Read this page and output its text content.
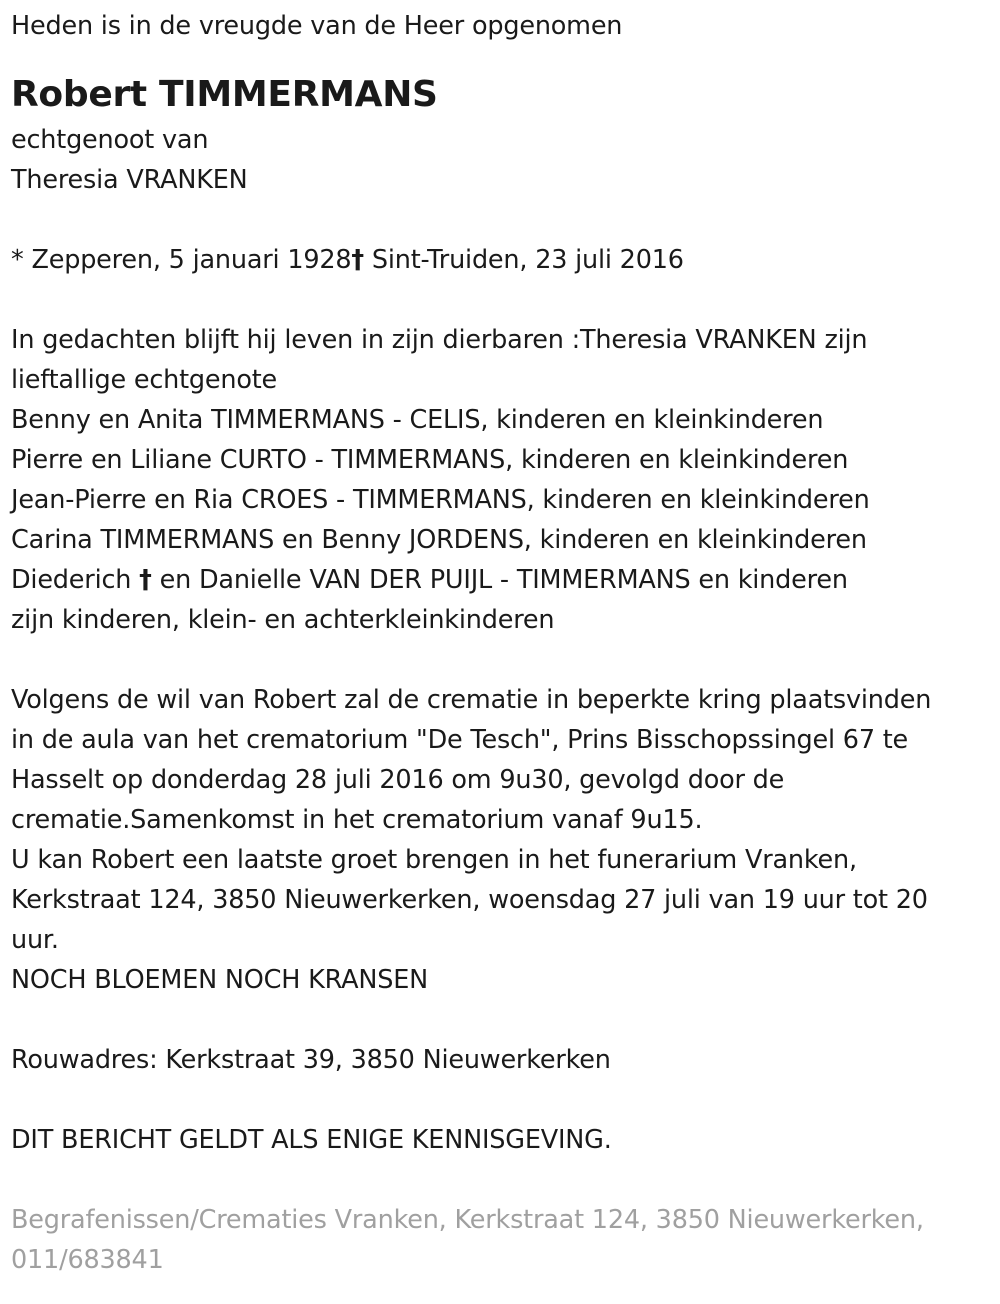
Heden is in de vreugde van de Heer opgenomen
Robert TIMMERMANS
echtgenoot van
Theresia VRANKEN
* Zepperen, 5 januari 1928† Sint-Truiden, 23 juli 2016
In gedachten blijft hij leven in zijn dierbaren :Theresia VRANKEN zijn
lieftallige echtgenote
Benny en Anita TIMMERMANS - CELIS, kinderen en kleinkinderen
Pierre en Liliane CURTO - TIMMERMANS, kinderen en kleinkinderen
Jean-Pierre en Ria CROES - TIMMERMANS, kinderen en kleinkinderen
Carina TIMMERMANS en Benny JORDENS, kinderen en kleinkinderen
Diederich † en Danielle VAN DER PUIJL - TIMMERMANS en kinderen
zijn kinderen, klein- en achterkleinkinderen
Volgens de wil van Robert zal de crematie in beperkte kring plaatsvinden
in de aula van het crematorium "De Tesch", Prins Bisschopssingel 67 te
Hasselt op donderdag 28 juli 2016 om 9u30, gevolgd door de
crematie.Samenkomst in het crematorium vanaf 9u15.
U kan Robert een laatste groet brengen in het funerarium Vranken,
Kerkstraat 124, 3850 Nieuwerkerken, woensdag 27 juli van 19 uur tot 20
uur.
NOCH BLOEMEN NOCH KRANSEN
Rouwadres: Kerkstraat 39, 3850 Nieuwerkerken
DIT BERICHT GELDT ALS ENIGE KENNISGEVING.
Begrafenissen/Crematies Vranken, Kerkstraat 124, 3850 Nieuwerkerken,
011/683841
